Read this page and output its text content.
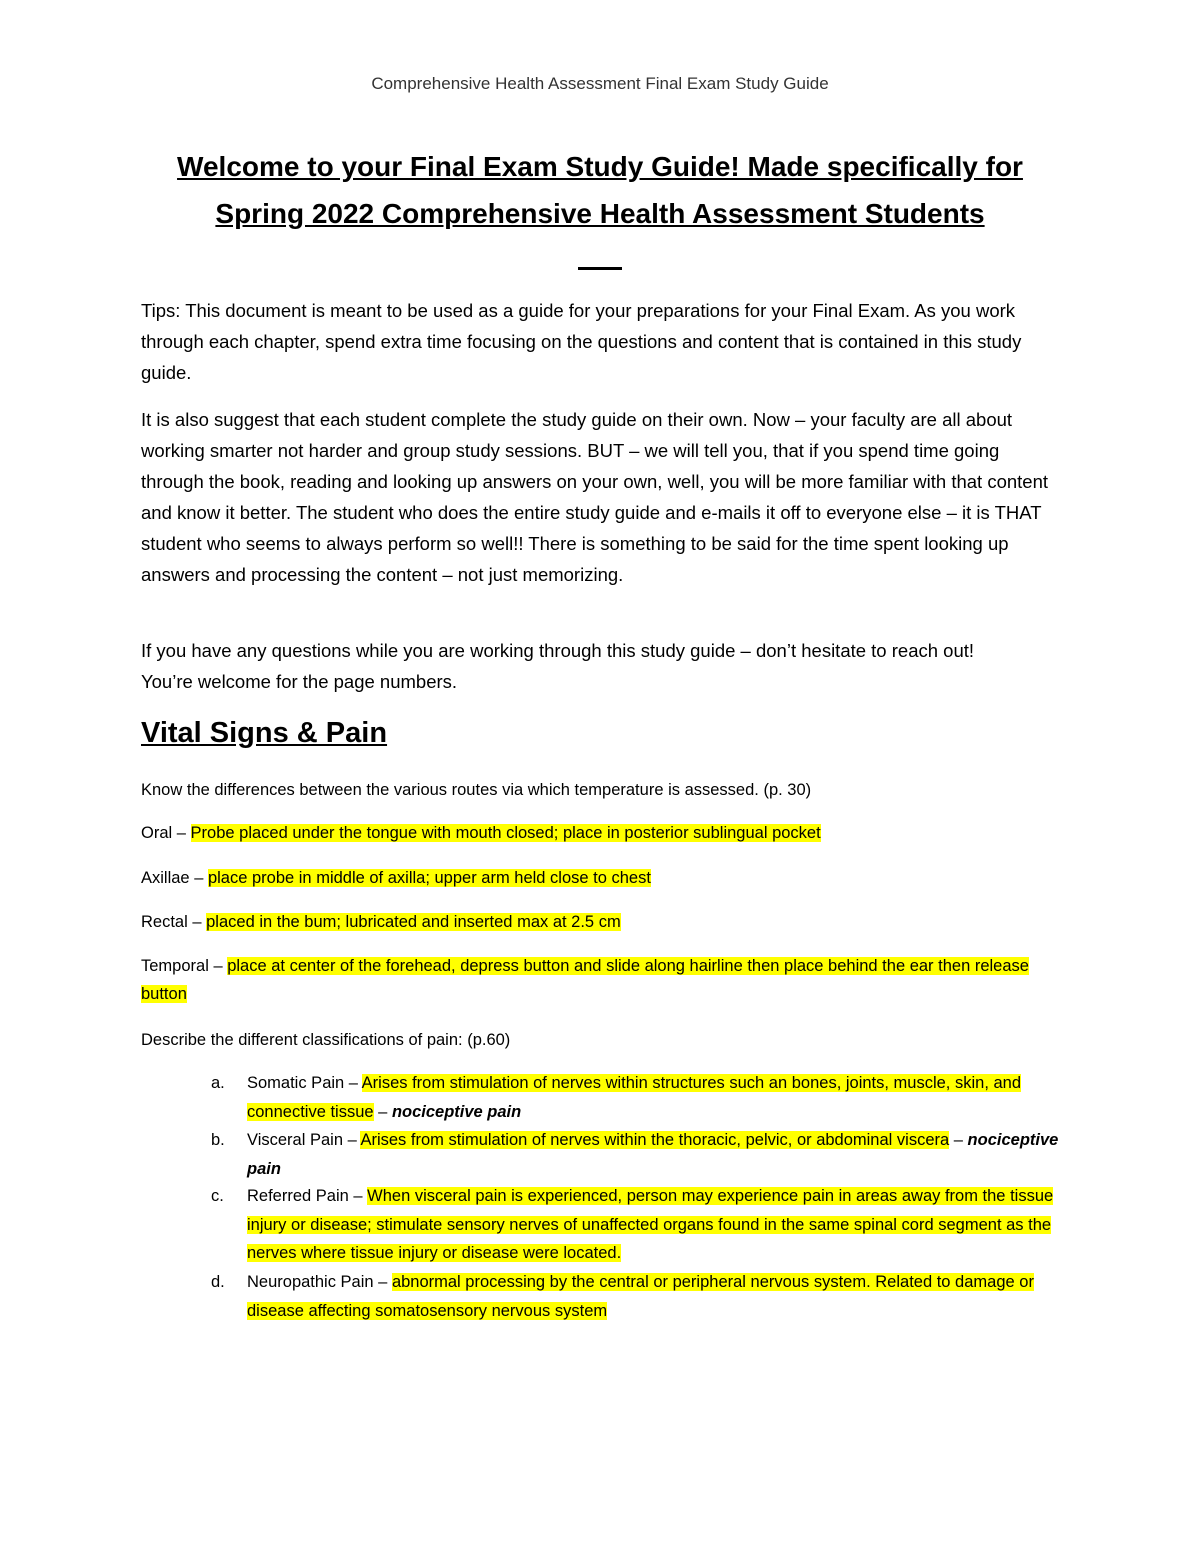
Comprehensive Health Assessment Final Exam Study Guide
Welcome to your Final Exam Study Guide! Made specifically for Spring 2022 Comprehensive Health Assessment Students
Tips: This document is meant to be used as a guide for your preparations for your Final Exam. As you work through each chapter, spend extra time focusing on the questions and content that is contained in this study guide.
It is also suggest that each student complete the study guide on their own. Now – your faculty are all about working smarter not harder and group study sessions. BUT – we will tell you, that if you spend time going through the book, reading and looking up answers on your own, well, you will be more familiar with that content and know it better. The student who does the entire study guide and e-mails it off to everyone else – it is THAT student who seems to always perform so well!! There is something to be said for the time spent looking up answers and processing the content – not just memorizing.
If you have any questions while you are working through this study guide – don’t hesitate to reach out!       You’re welcome for the page numbers.
Vital Signs & Pain
Know the differences between the various routes via which temperature is assessed. (p. 30)
Oral – Probe placed under the tongue with mouth closed; place in posterior sublingual pocket
Axillae – place probe in middle of axilla; upper arm held close to chest
Rectal – placed in the bum; lubricated and inserted max at 2.5 cm
Temporal – place at center of the forehead, depress button and slide along hairline then place behind the ear then release button
Describe the different classifications of pain: (p.60)
a. Somatic Pain – Arises from stimulation of nerves within structures such an bones, joints, muscle, skin, and connective tissue – nociceptive pain
b. Visceral Pain – Arises from stimulation of nerves within the thoracic, pelvic, or abdominal viscera – nociceptive pain
c. Referred Pain – When visceral pain is experienced, person may experience pain in areas away from the tissue injury or disease; stimulate sensory nerves of unaffected organs found in the same spinal cord segment as the nerves where tissue injury or disease were located.
d. Neuropathic Pain – abnormal processing by the central or peripheral nervous system. Related to damage or disease affecting somatosensory nervous system
